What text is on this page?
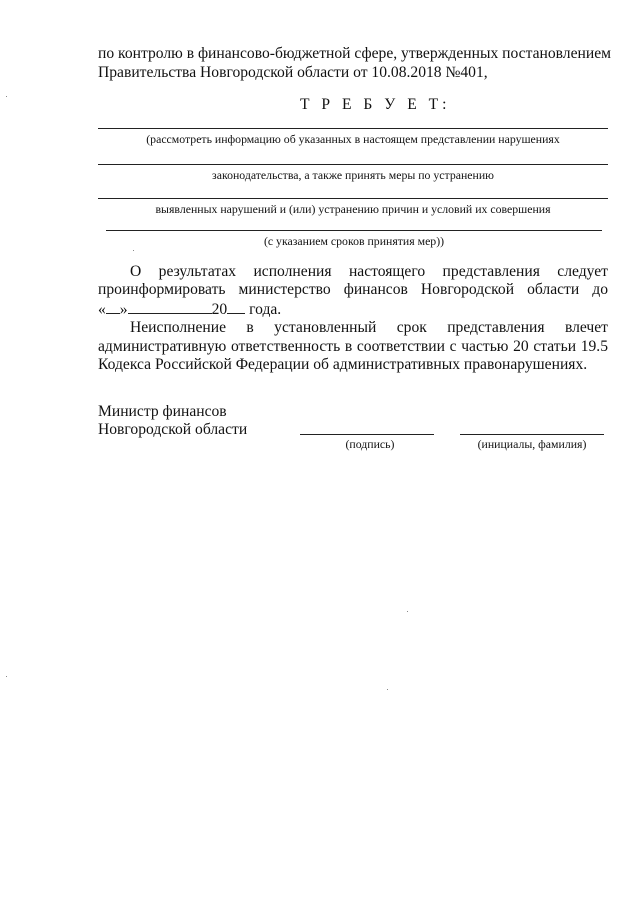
по контролю в финансово-бюджетной сфере, утвержденных постановлением
Правительства Новгородской области от 10.08.2018 №401,
Т Р Е Б У Е Т:
(рассмотреть информацию об указанных в настоящем представлении нарушениях
законодательства, а также принять меры по устранению
выявленных нарушений и (или) устранению причин и условий их совершения
(с указанием сроков принятия мер))
О результатах исполнения настоящего представления следует
проинформировать министерство финансов Новгородской области до
« »	20 года.
Неисполнение в установленный срок представления влечет
административную ответственность в соответствии с частью 20 статьи 19.5
Кодекса Российской Федерации об административных правонарушениях.
Министр финансов
Новгородской области
(подпись)	(инициалы, фамилия)
